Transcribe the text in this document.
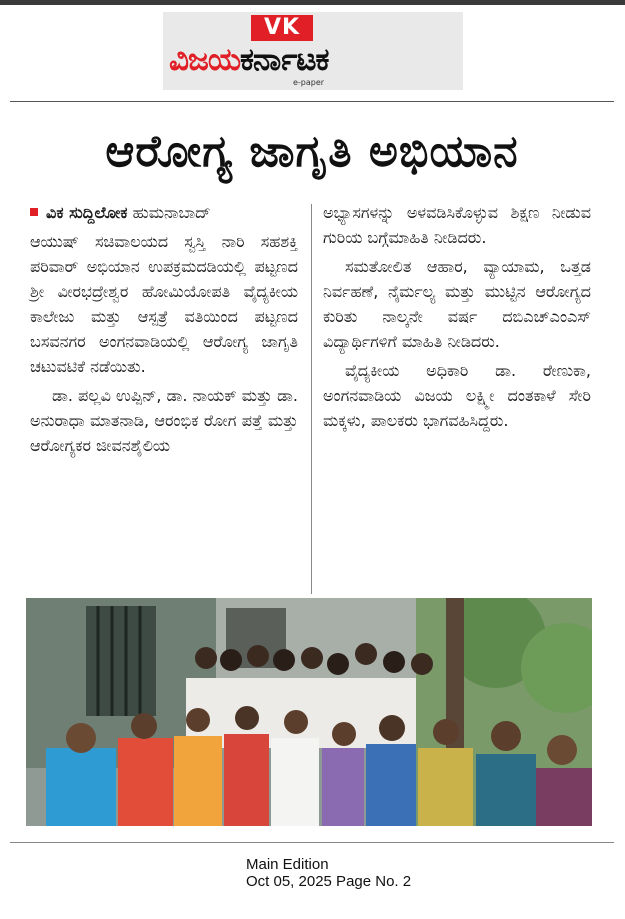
VK
ವಿಜಯಕರ್ನಾಟಕ
e-paper
ಆರೋಗ್ಯ ಜಾಗೃತಿ ಅಭಿಯಾನ

ವಿಕ ಸುದ್ದಿಲೋಕ ಹುಮನಾಬಾದ್

ಆಯುಷ್ ಸಚಿವಾಲಯದ ಸ್ವಸ್ತಿ ನಾರಿ ಸಹಶಕ್ತಿ ಪರಿವಾರ್ ಅಭಿಯಾನ ಉಪಕ್ರಮದಡಿಯಲ್ಲಿ ಪಟ್ಟಣದ ಶ್ರೀ ವೀರಭದ್ರೇಶ್ವರ ಹೋಮಿಯೋಪತಿ ವೈದ್ಯಕೀಯ ಕಾಲೇಜು ಮತ್ತು ಆಸ್ಪತ್ರೆ ವತಿಯಿಂದ ಪಟ್ಟಣದ ಬಸವನಗರ ಅಂಗನವಾಡಿಯಲ್ಲಿ ಆರೋಗ್ಯ ಜಾಗೃತಿ ಚಟುವಟಿಕೆ ನಡೆಯಿತು.

ಡಾ. ಪಲ್ಲವಿ ಉಪ್ಪಿನ್, ಡಾ. ನಾಯಕ್ ಮತ್ತು ಡಾ. ಅನುರಾಧಾ ಮಾತನಾಡಿ, ಆರಂಭಿಕ ರೋಗ ಪತ್ತೆ ಮತ್ತು ಆರೋಗ್ಯಕರ ಜೀವನಶೈಲಿಯ

ಅಭ್ಯಾಸಗಳನ್ನು ಅಳವಡಿಸಿಕೊಳ್ಳುವ ಶಿಕ್ಷಣ ನೀಡುವ ಗುರಿಯ ಬಗ್ಗೆಮಾಹಿತಿ ನೀಡಿದರು.

ಸಮತೋಲಿತ ಆಹಾರ, ವ್ಯಾಯಾಮ, ಒತ್ತಡ ನಿರ್ವಹಣೆ, ನೈರ್ಮಲ್ಯ ಮತ್ತು ಮುಟ್ಟಿನ ಆರೋಗ್ಯದ ಕುರಿತು ನಾಲ್ಕನೇ ವರ್ಷ ದಬಿಎಚ್‌ಎಂಎಸ್ ವಿದ್ಯಾರ್ಥಿಗಳಿಗೆ ಮಾಹಿತಿ ನೀಡಿದರು.

ವೈದ್ಯಕೀಯ ಅಧಿಕಾರಿ ಡಾ. ರೇಣುಕಾ, ಅಂಗನವಾಡಿಯ ವಿಜಯ ಲಕ್ಷ್ಮೀ ದಂತಕಾಳೆ ಸೇರಿ ಮಕ್ಕಳು, ಪಾಲಕರು ಭಾಗವಹಿಸಿದ್ದರು.

Main Edition
Oct 05, 2025 Page No. 2
